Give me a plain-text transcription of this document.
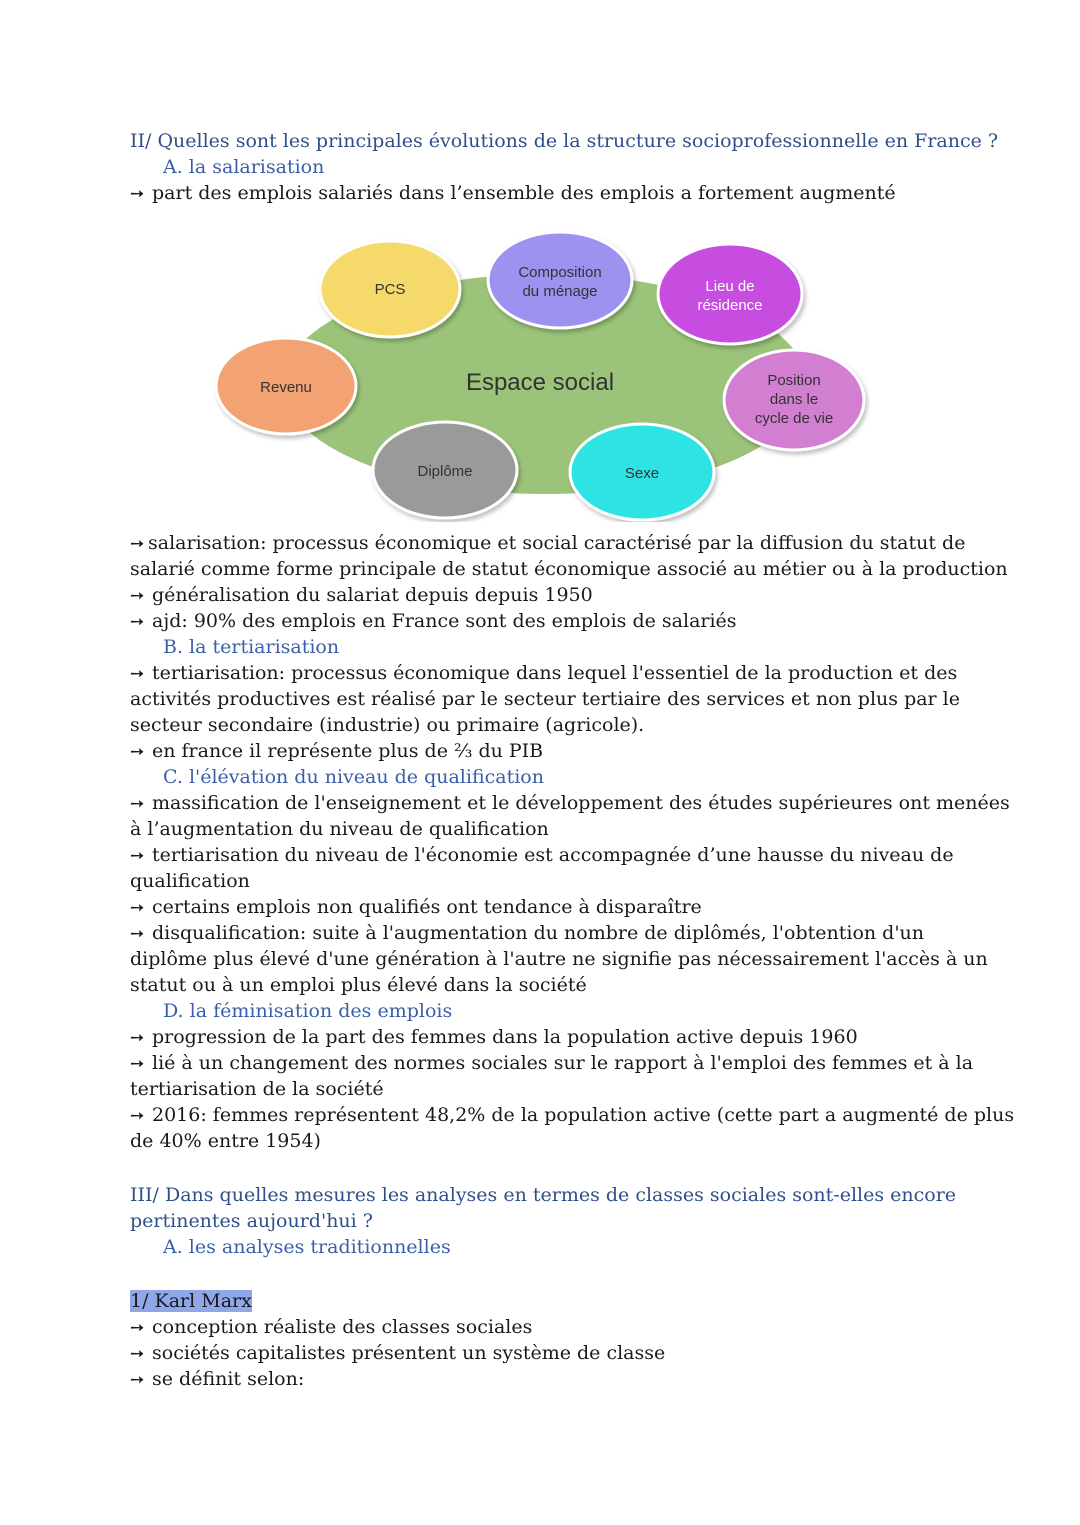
II/ Quelles sont les principales évolutions de la structure socioprofessionnelle en France ?
A. la salarisation
➙ part des emplois salariés dans l’ensemble des emplois a fortement augmenté
Espace social
PCS
Composition
du ménage	Lieu de
résidence
Revenu	Position
dans le
cycle de vie
Diplôme	Sexe
➙ salarisation: processus économique et social caractérisé par la diffusion du statut de
salarié comme forme principale de statut économique associé au métier ou à la production
➙ généralisation du salariat depuis depuis 1950
➙ ajd: 90% des emplois en France sont des emplois de salariés
B. la tertiarisation
➙ tertiarisation: processus économique dans lequel l'essentiel de la production et des
activités productives est réalisé par le secteur tertiaire des services et non plus par le
secteur secondaire (industrie) ou primaire (agricole).
➙ en france il représente plus de ⅔ du PIB
C. l'élévation du niveau de qualification
➙ massification de l'enseignement et le développement des études supérieures ont menées
à l’augmentation du niveau de qualification
➙ tertiarisation du niveau de l'économie est accompagnée d’une hausse du niveau de
qualification
➙ certains emplois non qualifiés ont tendance à disparaître
➙ disqualification: suite à l'augmentation du nombre de diplômés, l'obtention d'un
diplôme plus élevé d'une génération à l'autre ne signifie pas nécessairement l'accès à un
statut ou à un emploi plus élevé dans la société
D. la féminisation des emplois
➙ progression de la part des femmes dans la population active depuis 1960
➙ lié à un changement des normes sociales sur le rapport à l'emploi des femmes et à la
tertiarisation de la société
➙ 2016: femmes représentent 48,2% de la population active (cette part a augmenté de plus
de 40% entre 1954)
III/ Dans quelles mesures les analyses en termes de classes sociales sont-elles encore
pertinentes aujourd'hui ?
A. les analyses traditionnelles
1/ Karl Marx
➙ conception réaliste des classes sociales
➙ sociétés capitalistes présentent un système de classe
➙ se définit selon:
